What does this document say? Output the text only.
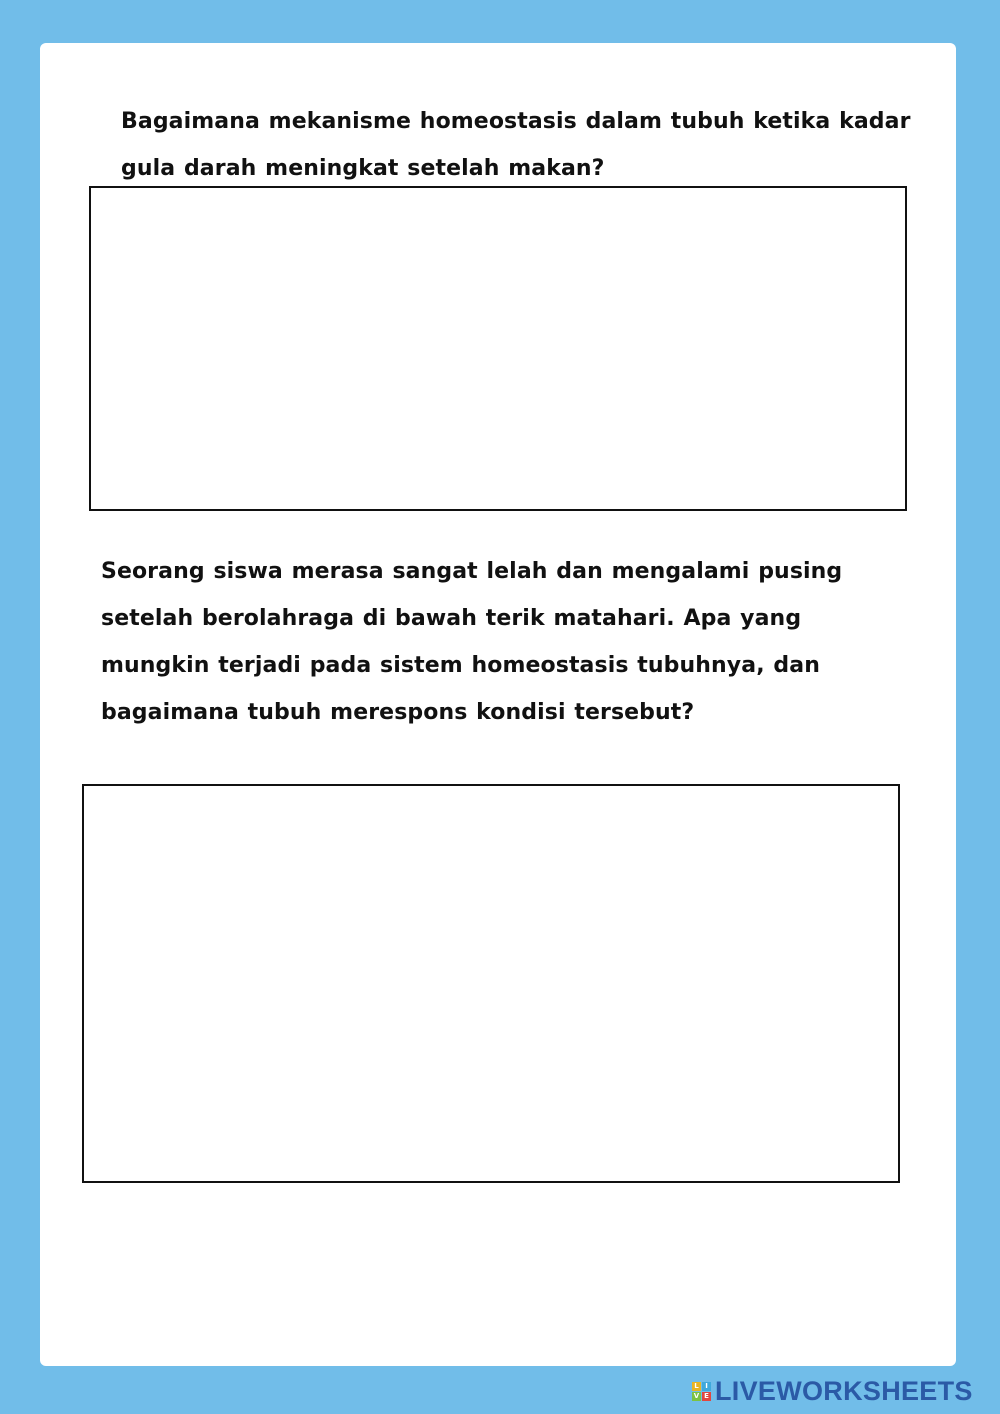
Bagaimana mekanisme homeostasis dalam tubuh ketika kadar gula darah meningkat setelah makan?

Seorang siswa merasa sangat lelah dan mengalami pusing setelah berolahraga di bawah terik matahari. Apa yang mungkin terjadi pada sistem homeostasis tubuhnya, dan bagaimana tubuh merespons kondisi tersebut?

L I
V E LIVEWORKSHEETS
